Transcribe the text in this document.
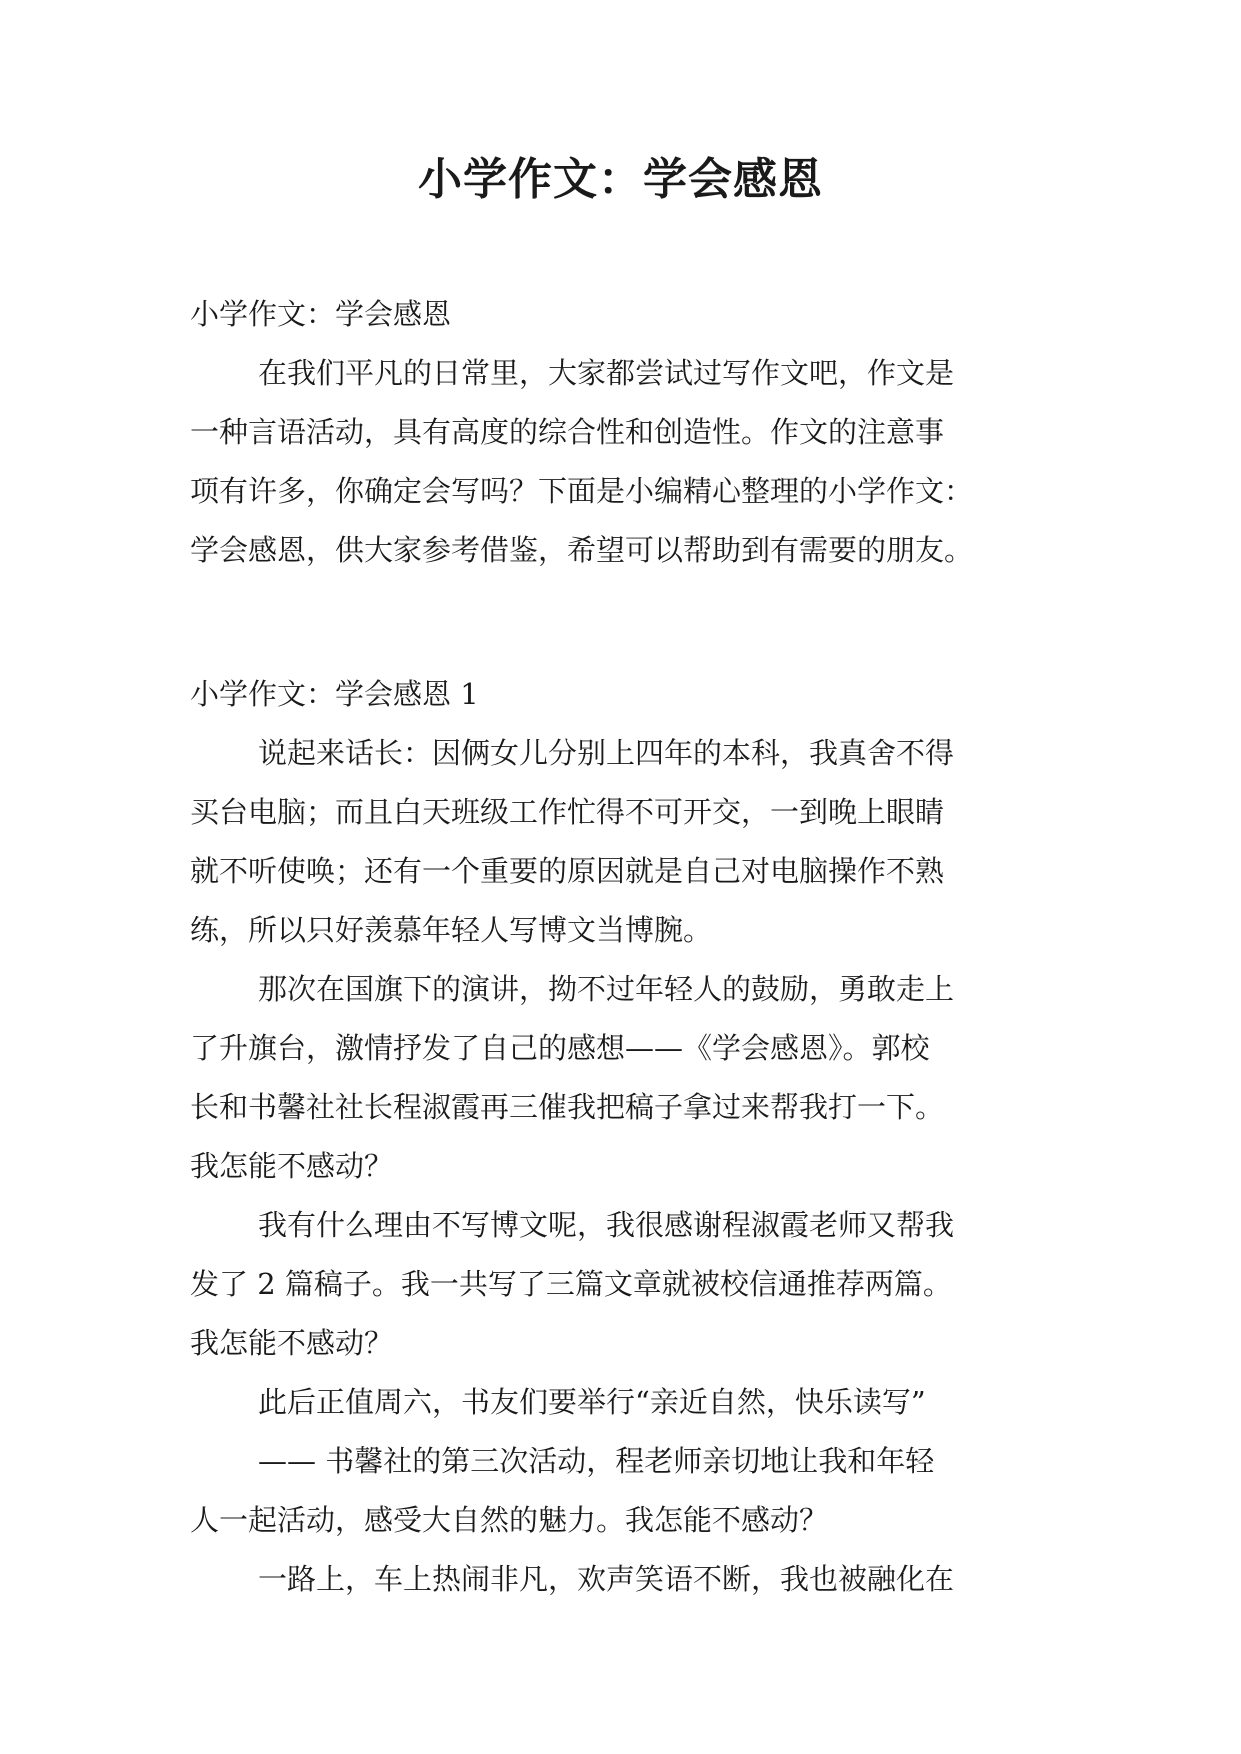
小学作文：学会感恩
小学作文：学会感恩
在我们平凡的日常里，大家都尝试过写作文吧，作文是
一种言语活动，具有高度的综合性和创造性。作文的注意事
项有许多，你确定会写吗？下面是小编精心整理的小学作文：
学会感恩，供大家参考借鉴，希望可以帮助到有需要的朋友。
小学作文：学会感恩 1
说起来话长：因俩女儿分别上四年的本科，我真舍不得
买台电脑；而且白天班级工作忙得不可开交，一到晚上眼睛
就不听使唤；还有一个重要的原因就是自己对电脑操作不熟
练，所以只好羡慕年轻人写博文当博腕。
那次在国旗下的演讲，拗不过年轻人的鼓励，勇敢走上
了升旗台，激情抒发了自己的感想——《学会感恩》。郭校
长和书馨社社长程淑霞再三催我把稿子拿过来帮我打一下。
我怎能不感动？
我有什么理由不写博文呢，我很感谢程淑霞老师又帮我
发了 2 篇稿子。我一共写了三篇文章就被校信通推荐两篇。
我怎能不感动？
此后正值周六，书友们要举行“亲近自然，快乐读写”
—— 书馨社的第三次活动，程老师亲切地让我和年轻
人一起活动，感受大自然的魅力。我怎能不感动？
一路上，车上热闹非凡，欢声笑语不断，我也被融化在
